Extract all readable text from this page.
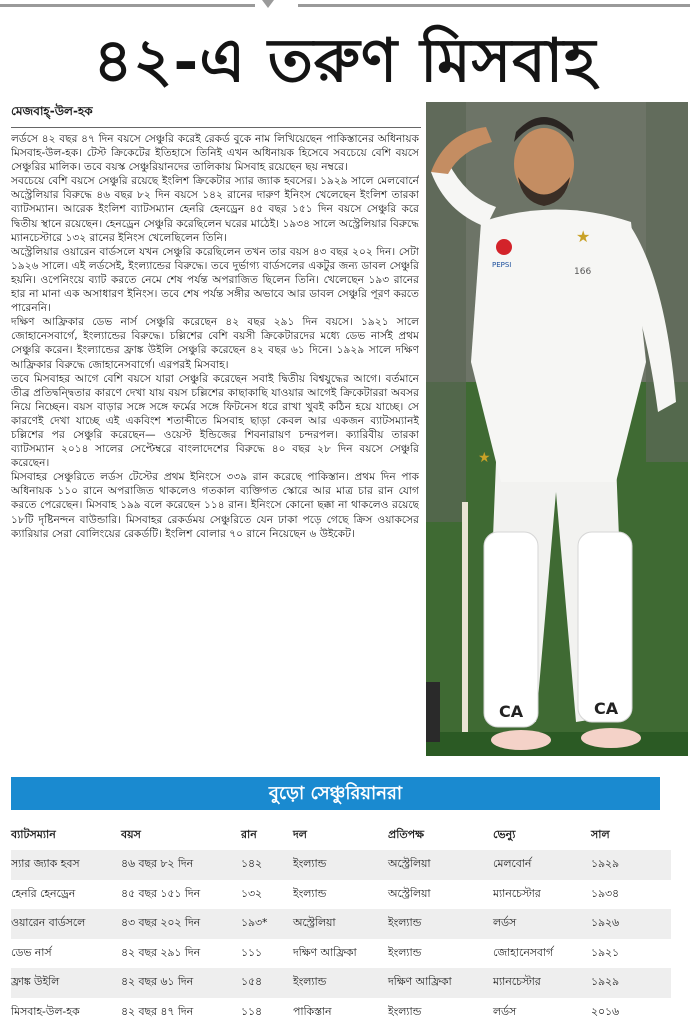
৪২-এ তরুণ মিসবাহ
মেজবাহ্-উল-হক

লর্ডসে ৪২ বছর ৪৭ দিন বয়সে সেঞ্চুরি করেই রেকর্ড বুকে নাম লিখিয়েছেন পাকিস্তানের অধিনায়ক মিসবাহ-উল-হক। টেস্ট ক্রিকেটের ইতিহাসে তিনিই এখন অধিনায়ক হিসেবে সবচেয়ে বেশি বয়সে সেঞ্চুরির মালিক। তবে বয়স্ক সেঞ্চুরিয়ানদের তালিকায় মিসবাহ রয়েছেন ছয় নম্বরে।

সবচেয়ে বেশি বয়সে সেঞ্চুরি রয়েছে ইংলিশ ক্রিকেটার স্যার জ্যাক হবসের। ১৯২৯ সালে মেলবোর্নে অস্ট্রেলিয়ার বিরুদ্ধে ৪৬ বছর ৮২ দিন বয়সে ১৪২ রানের দারুণ ইনিংস খেলেছেন ইংলিশ তারকা ব্যাটসম্যান। আরেক ইংলিশ ব্যাটসম্যান হেনরি হেনড্রেন ৪৫ বছর ১৫১ দিন বয়সে সেঞ্চুরি করে দ্বিতীয় স্থানে রয়েছেন। হেনড্রেন সেঞ্চুরি করেছিলেন ঘরের মাঠেই। ১৯৩৪ সালে অস্ট্রেলিয়ার বিরুদ্ধে ম্যানচেস্টারে ১৩২ রানের ইনিংস খেলেছিলেন তিনি।

অস্ট্রেলিয়ার ওয়ারেন বার্ডসলে যখন সেঞ্চুরি করেছিলেন তখন তার বয়স ৪৩ বছর ২০২ দিন। সেটা ১৯২৬ সালে। এই লর্ডসেই, ইংল্যান্ডের বিরুদ্ধে। তবে দুর্ভাগ্য বার্ডসলের একটুর জন্য ডাবল সেঞ্চুরি হয়নি। ওপেনিংয়ে ব্যাট করতে নেমে শেষ পর্যন্ত অপরাজিত ছিলেন তিনি। খেলেছেন ১৯৩ রানের হার না মানা এক অসাধারণ ইনিংস। তবে শেষ পর্যন্ত সঙ্গীর অভাবে আর ডাবল সেঞ্চুরি পূরণ করতে পারেননি।

দক্ষিণ আফ্রিকার ডেভ নার্স সেঞ্চুরি করেছেন ৪২ বছর ২৯১ দিন বয়সে। ১৯২১ সালে জোহানেসবার্গে, ইংল্যান্ডের বিরুদ্ধে। চল্লিশের বেশি বয়সী ক্রিকেটারদের মধ্যে ডেভ নার্সই প্রথম সেঞ্চুরি করেন। ইংল্যান্ডের ফ্রাঙ্ক উইলি সেঞ্চুরি করেছেন ৪২ বছর ৬১ দিনে। ১৯২৯ সালে দক্ষিণ আফ্রিকার বিরুদ্ধে জোহানেসবার্গে। এরপরই মিসবাহ।

তবে মিসবাহর আগে বেশি বয়সে যারা সেঞ্চুরি করেছেন সবাই দ্বিতীয় বিশ্বযুদ্ধের আগে। বর্তমানে তীব্র প্রতিদ্বন্দ্বিতার কারণে দেখা যায় বয়স চল্লিশের কাছাকাছি যাওয়ার আগেই ক্রিকেটাররা অবসর নিয়ে নিচ্ছেন। বয়স বাড়ার সঙ্গে সঙ্গে ফর্মের সঙ্গে ফিটনেস ধরে রাখা খুবই কঠিন হয়ে যাচ্ছে। সে কারণেই দেখা যাচ্ছে এই একবিংশ শতাব্দীতে মিসবাহ ছাড়া কেবল আর একজন ব্যাটসম্যানই চল্লিশের পর সেঞ্চুরি করেছেন— ওয়েস্ট ইন্ডিজের শিবনারায়ণ চন্দরপল। ক্যারিবীয় তারকা ব্যাটসম্যান ২০১৪ সালের সেপ্টেম্বরে বাংলাদেশের বিরুদ্ধে ৪০ বছর ২৮ দিন বয়সে সেঞ্চুরি করেছেন।

মিসবাহর সেঞ্চুরিতে লর্ডস টেস্টের প্রথম ইনিংসে ৩৩৯ রান করেছে পাকিস্তান। প্রথম দিন পাক অধিনায়ক ১১০ রানে অপরাজিত থাকলেও গতকাল ব্যক্তিগত স্কোরে আর মাত্র চার রান যোগ করতে পেরেছেন। মিসবাহ ১৯৯ বলে করেছেন ১১৪ রান। ইনিংসে কোনো ছক্কা না থাকলেও রয়েছে ১৮টি দৃষ্টিনন্দন বাউন্ডারি। মিসবাহর রেকর্ডময় সেঞ্চুরিতে যেন ঢাকা পড়ে গেছে ক্রিস ওয়াকসের ক্যারিয়ার সেরা বোলিংয়ের রেকর্ডটি। ইংলিশ বোলার ৭০ রানে নিয়েছেন ৬ উইকেট।

CA	CA
PEPSI
★
166
★
বুড়ো সেঞ্চুরিয়ানরা
ব্যাটসম্যান	বয়স	রান	দল	প্রতিপক্ষ	ভেন্যু	সাল
স্যার জ্যাক হবস	৪৬ বছর ৮২ দিন	১৪২	ইংল্যান্ড	অস্ট্রেলিয়া	মেলবোর্ন	১৯২৯
হেনরি হেনড্রেন	৪৫ বছর ১৫১ দিন	১৩২	ইংল্যান্ড	অস্ট্রেলিয়া	ম্যানচেস্টার	১৯৩৪
ওয়ারেন বার্ডসলে	৪৩ বছর ২০২ দিন	১৯৩*	অস্ট্রেলিয়া	ইংল্যান্ড	লর্ডস	১৯২৬
ডেভ নার্স	৪২ বছর ২৯১ দিন	১১১	দক্ষিণ আফ্রিকা	ইংল্যান্ড	জোহানেসবার্গ	১৯২১
ফ্রাঙ্ক উইলি	৪২ বছর ৬১ দিন	১৫৪	ইংল্যান্ড	দক্ষিণ আফ্রিকা	ম্যানচেস্টার	১৯২৯
মিসবাহ-উল-হক	৪২ বছর ৪৭ দিন	১১৪	পাকিস্তান	ইংল্যান্ড	লর্ডস	২০১৬
